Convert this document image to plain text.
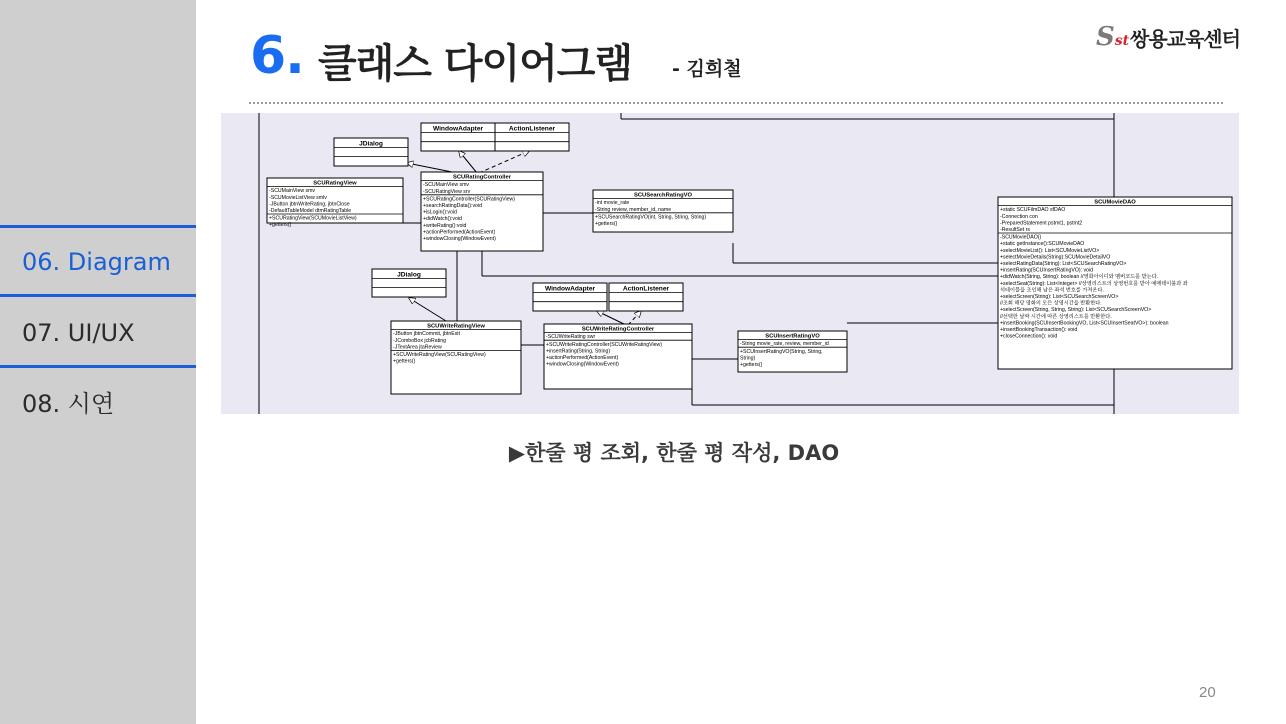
06. Diagram
07. UI/UX
08. 시연
6. 클래스 다이어그램 - 김희철
Sst 쌍용교육센터
JDialog
WindowAdapter	ActionListener
SCURatingView
-SCUMainView smv
-SCUMovieListView smlv
-JButton jbtnWriteRating, jbtnClose
-DefaultTableModel dtmRatingTable
+SCURatingView(SCUMovieListView)
+getters()
SCURatingController
-SCUMainView smv
-SCURatingView srv
+SCURatingController(SCURatingView)
+searchRatingData():void
+isLogin():void
+didWatch():void
+writeRating():void
+actionPerformed(ActionEvent)
+windowClosing(WindowEvent)
SCUSearchRatingVO
-int movie_rate
-String review, member_id, name
+SCUSearchRatingVO(int, String, String, String)
+getters()
SCUMovieDAO
+static SCUFilmDAO sfDAO
-Connection con
-PreparedStatement pstmt1, pstmt2
-ResultSet rs
-SCUMovieDAO()
+static getInstance():SCUMovieDAO
+selectMovieList(): List<SCUMovieListVO>
+selectMovieDetails(String):SCUMovieDetailVO
+selectRatingData(String): List<SCUSearchRatingVO>
+insertRating(SCUInsertRatingVO): void
+didWatch(String, String): boolean //영화아이디와 멤버코드를 받는다.
+selectSeat(String): List<Integer> //상영리스트의 상영번호를 받아 예매테이블과 좌
석테이블을 조인해 남은 좌석 번호를 가져온다.
+selectScreen(String): List<SCUSearchScreenVO>
//조회 해당 영화의 모든 상영시간을 반환한다.
+selectScreen(String, String, String): List<SCUSearchScreenVO>
//선택한 날짜 시간에 따른 상영리스트를 반환한다.
+insertBooking(SCUInsertBookingVO, List<SCUInsertSeatVO>): boolean
+insertBookingTransaction(): void
+closeConnection(): void
JDialog
WindowAdapter	ActionListener
SCUWriteRatingView
-JButton jbtnCommit, jbtnExit
-JComboBox jcbRating
-JTextArea jtaReview
+SCUWriteRatingView(SCURatingView)
+getters()
SCUWriteRatingController
-SCUWriteRating swr
+SCUWriteRatingController(SCUWriteRatingView)
+insertRating(String, String)
+actionPerformed(ActionEvent)
+windowClosing(WindowEvent)
SCUInsertRatingVO
-String movie_rate, review, member_id
+SCUInsertRatingVO(String, String,
String)
+getters()
▶한줄 평 조회, 한줄 평 작성, DAO
20
